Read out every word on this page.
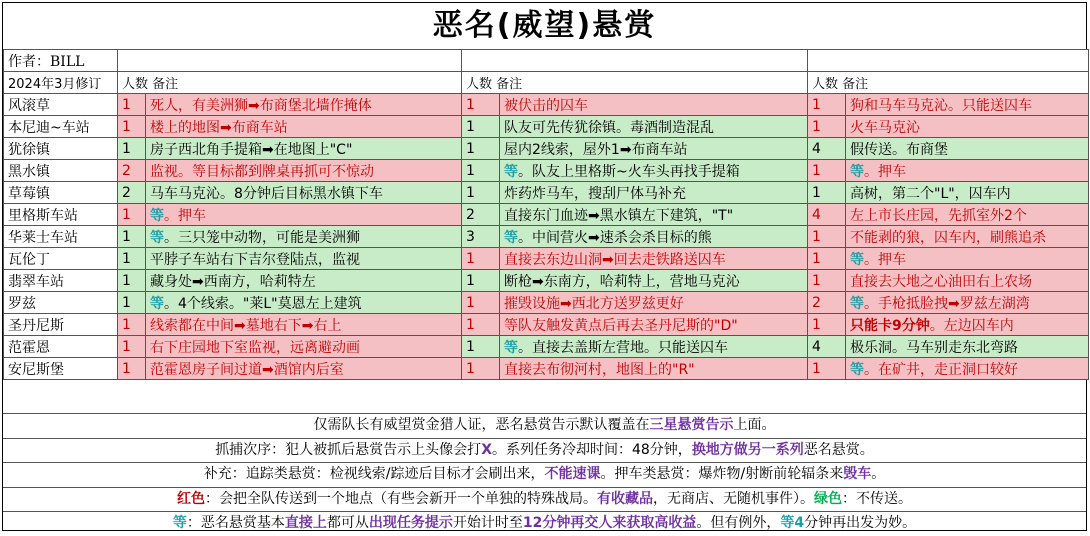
恶名(威望)悬赏
作者：BILL						
2024年3月修订	人数 备注		人数 备注		人数 备注	
风滚草	1	死人，有美洲狮➡布商堡北墙作掩体	1	被伏击的囚车	1	狗和马车马克沁。只能送囚车
本尼迪~车站	1	楼上的地图➡布商车站	1	队友可先传犹徐镇。毒酒制造混乱	1	火车马克沁
犹徐镇	1	房子西北角手提箱➡在地图上"C"	1	屋内2线索，屋外1➡布商车站	4	假传送。布商堡
黑水镇	2	监视。等目标都到牌桌再抓可不惊动	1	等。队友上里格斯~火车头再找手提箱	1	等。押车
草莓镇	2	马车马克沁。8分钟后目标黑水镇下车	1	炸药炸马车，搜刮尸体马补充	1	高树，第二个"L"，囚车内
里格斯车站	1	等。押车	2	直接东门血迹➡黑水镇左下建筑，"T"	4	左上市长庄园，先抓室外2个
华莱士车站	1	等。三只笼中动物，可能是美洲狮	3	等。中间营火➡速杀会杀目标的熊	1	不能剥的狼，囚车内，刷熊追杀
瓦伦丁	1	平脖子车站右下吉尔登陆点，监视	1	直接去东边山洞➡回去走铁路送囚车	1	等。押车
翡翠车站	1	藏身处➡西南方，哈莉特左	1	断枪➡东南方，哈莉特上，营地马克沁	1	直接去大地之心油田右上农场
罗兹	1	等。4个线索。"莱L"莫恩左上建筑	1	摧毁设施➡西北方送罗兹更好	2	等。手枪抵脸拽➡罗兹左湖湾
圣丹尼斯	1	线索都在中间➡墓地右下➡右上	1	等队友触发黄点后再去圣丹尼斯的"D"	1	只能卡9分钟。左边囚车内
范霍恩	1	右下庄园地下室监视，远离避动画	1	等。直接去盖斯左营地。只能送囚车	4	极乐洞。马车别走东北弯路
安尼斯堡	1	范霍恩房子间过道➡酒馆内后室	1	直接去布彻河村，地图上的"R"	1	等。在矿井，走正洞口较好
仅需队长有威望赏金猎人证，恶名悬赏告示默认覆盖在三星悬赏告示上面。
抓捕次序：犯人被抓后悬赏告示上头像会打X。系列任务冷却时间：48分钟，换地方做另一系列恶名悬赏。
补充：追踪类悬赏：检视线索/踪迹后目标才会刷出来，不能速课。押车类悬赏：爆炸物/射断前轮辐条来毁车。
红色：会把全队传送到一个地点（有些会新开一个单独的特殊战局。有收藏品，无商店、无随机事件）。绿色：不传送。
等：恶名悬赏基本直接上都可从出现任务提示开始计时至12分钟再交人来获取高收益。但有例外，等4分钟再出发为妙。
